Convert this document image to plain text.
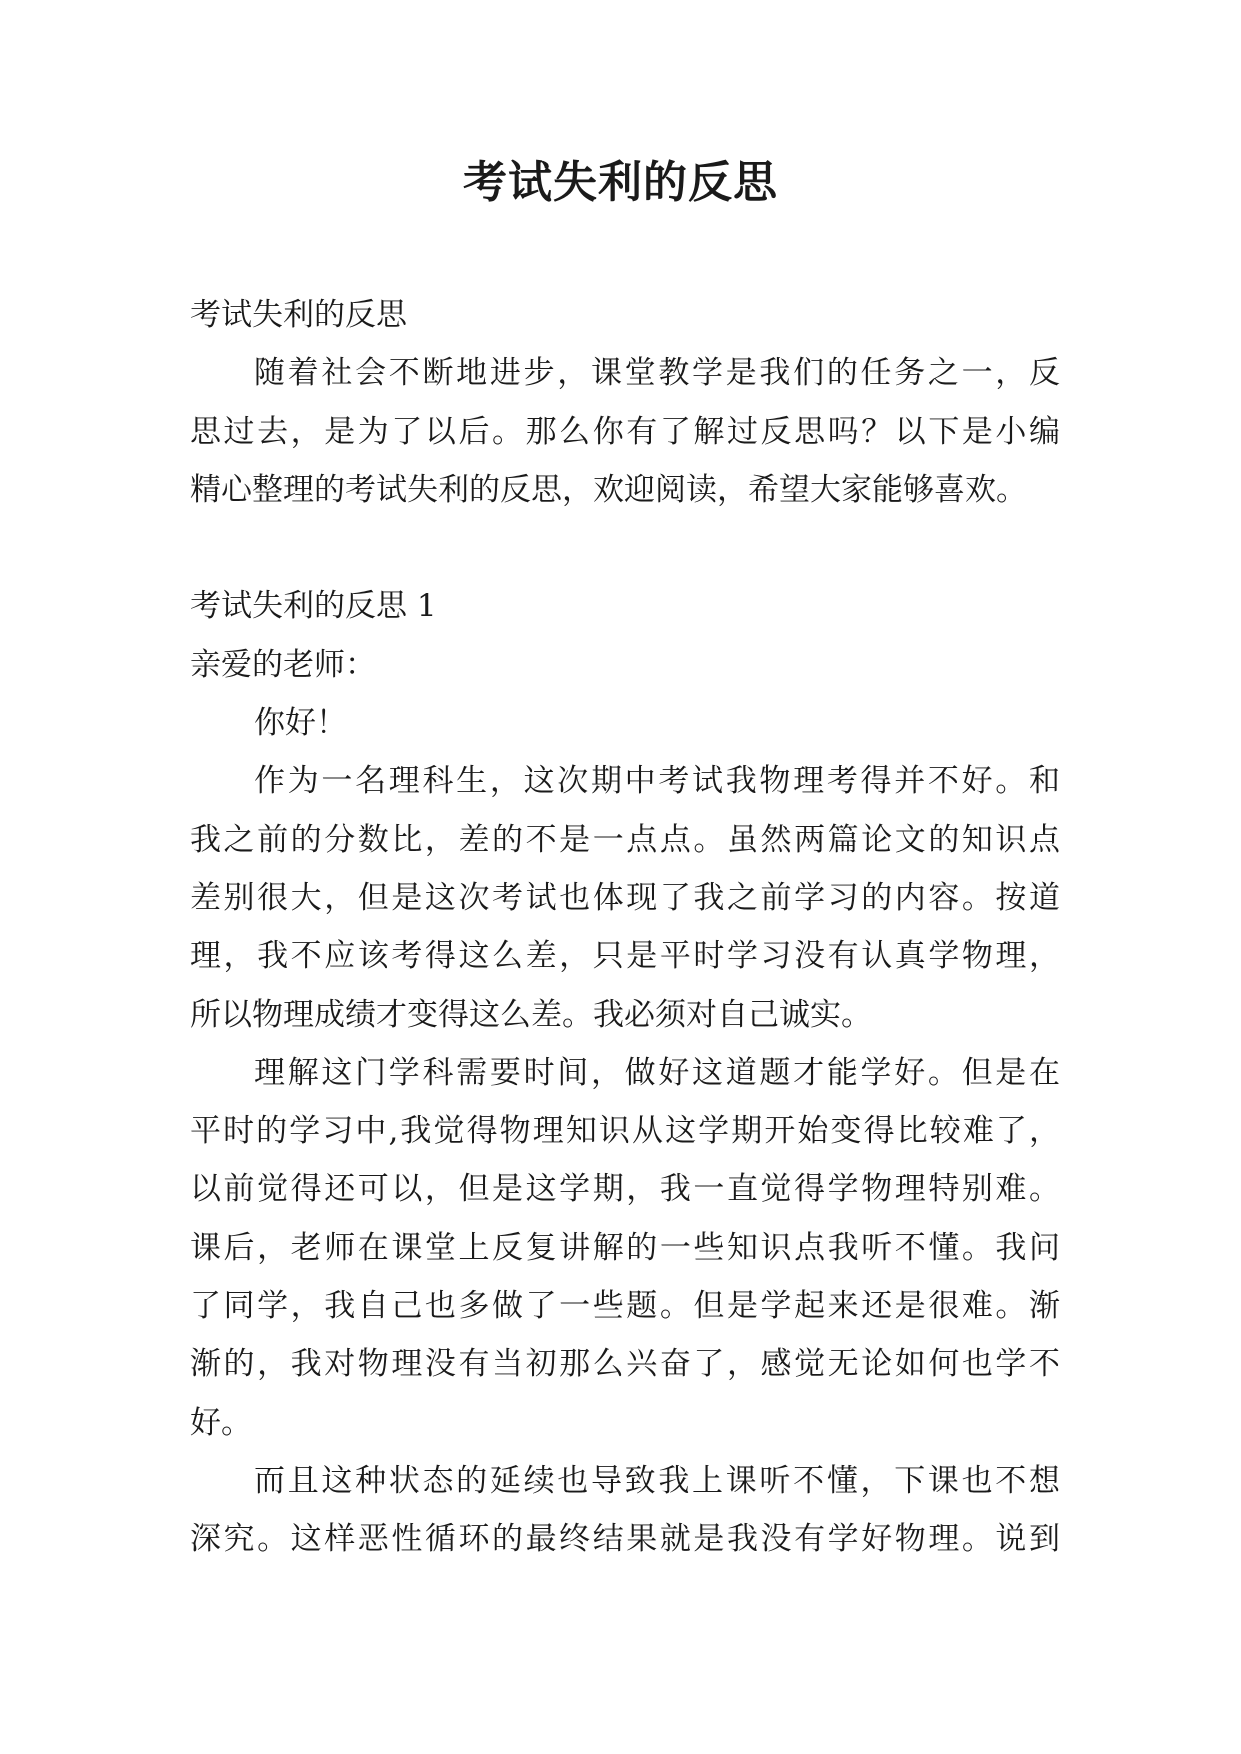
考试失利的反思

考试失利的反思

随着社会不断地进步，课堂教学是我们的任务之一，反

思过去，是为了以后。那么你有了解过反思吗？以下是小编

精心整理的考试失利的反思，欢迎阅读，希望大家能够喜欢。

考试失利的反思 1

亲爱的老师：

你好！

作为一名理科生，这次期中考试我物理考得并不好。和

我之前的分数比，差的不是一点点。虽然两篇论文的知识点

差别很大，但是这次考试也体现了我之前学习的内容。按道

理，我不应该考得这么差，只是平时学习没有认真学物理，

所以物理成绩才变得这么差。我必须对自己诚实。

理解这门学科需要时间，做好这道题才能学好。但是在

平时的学习中,我觉得物理知识从这学期开始变得比较难了，

以前觉得还可以，但是这学期，我一直觉得学物理特别难。

课后，老师在课堂上反复讲解的一些知识点我听不懂。我问

了同学，我自己也多做了一些题。但是学起来还是很难。渐

渐的，我对物理没有当初那么兴奋了，感觉无论如何也学不

好。

而且这种状态的延续也导致我上课听不懂，下课也不想

深究。这样恶性循环的最终结果就是我没有学好物理。说到
